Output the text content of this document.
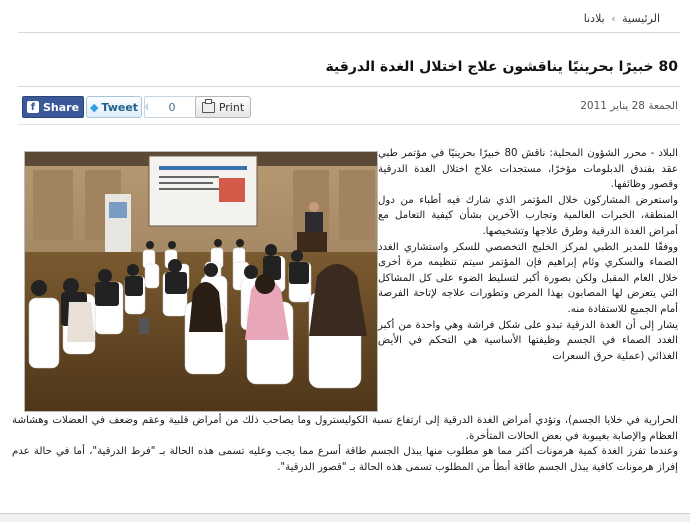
الرئيسية › بلادنا
80 خبيرًا بحرينيًا يناقشون علاج اختلال الغدة الدرقية
f Share ◆ Tweet	0	Print	الجمعة 28 يناير 2011

البلاد - محرر الشؤون المحلية: ناقش 80 خبيرًا بحرينيًا في مؤتمر طبي عقد بفندق الدبلومات مؤخرًا، مستجدات علاج اختلال الغدة الدرقية وقصور وظائفها.

واستعرض المشاركون خلال المؤتمر الذي شارك فيه أطباء من دول المنطقة، الخبرات العالمية وتجارب الآخرين بشأن كيفية التعامل مع أمراض الغدة الدرقية وطرق علاجها وتشخيصها.

ووفقًا للمدير الطبي لمركز الخليج التخصصي للسكر واستشاري الغدد الصماء والسكري وئام إبراهيم فإن المؤتمر سيتم تنظيمه مرة أخرى خلال العام المقبل ولكن بصورة أكبر لتسليط الضوء على كل المشاكل التي يتعرض لها المصابون بهذا المرض وتطورات علاجه لإتاحة الفرصة أمام الجميع للاستفادة منه.

يشار إلى أن الغدة الدرقية تبدو على شكل فراشة وهي واحدة من أكبر الغدد الصماء في الجسم وظيفتها الأساسية هي التحكم في الأيض الغذائي (عملية حرق السعرات

الحرارية في خلايا الجسم)، وتؤدي أمراض الغدة الدرقية إلى ارتفاع نسبة الكوليسترول وما يصاحب ذلك من أمراض قلبية وعقم وضعف في العضلات وهشاشة العظام والإصابة بغيبوبة في بعض الحالات المتأخرة.

وعندما تفرز الغدة كمية هرمونات أكثر مما هو مطلوب منها يبذل الجسم طاقة أسرع مما يجب وعليه تسمى هذه الحالة بـ "فرط الدرقية"، أما في حالة عدم إفراز هرمونات كافية يبذل الجسم طاقة أبطأ من المطلوب تسمى هذه الحالة بـ "قصور الدرقية".
